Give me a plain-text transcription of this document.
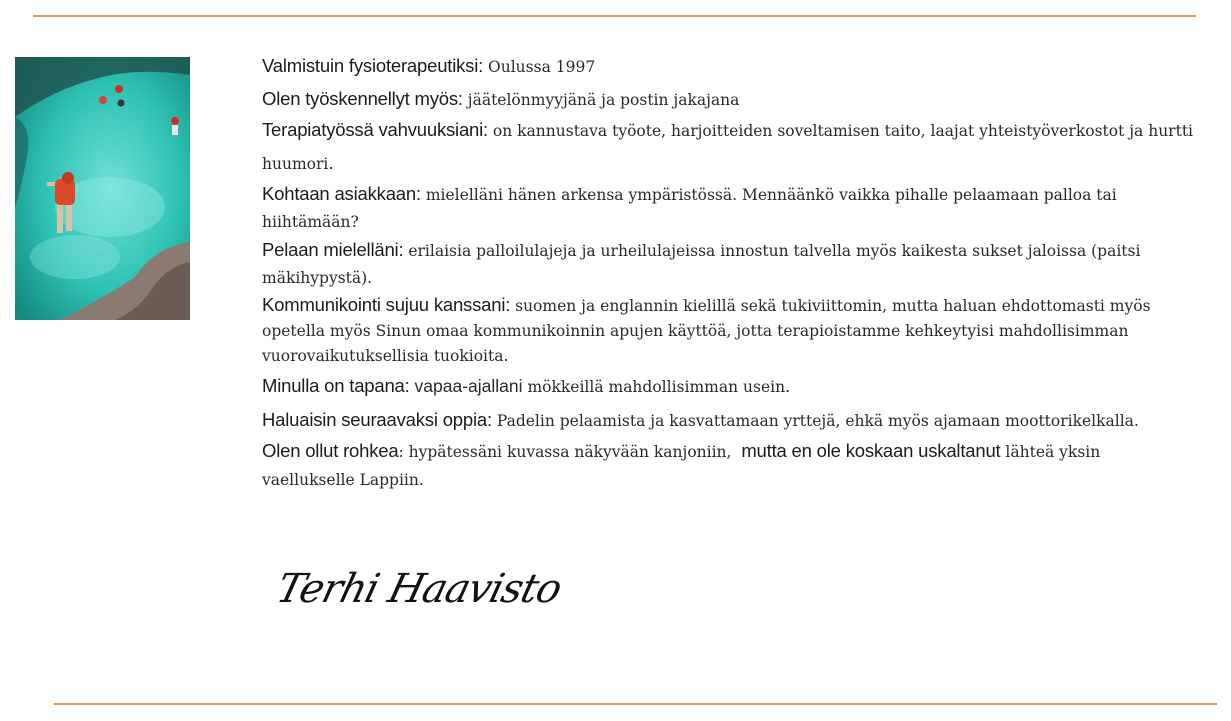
Valmistuin fysioterapeutiksi: Oulussa 1997

Olen työskennellyt myös: jäätelönmyyjänä ja postin jakajana

Terapiatyössä vahvuuksiani: on kannustava työote, harjoitteiden soveltamisen taito, laajat yhteistyöverkostot ja hurtti huumori.

Kohtaan asiakkaan: mielelläni hänen arkensa ympäristössä. Mennäänkö vaikka pihalle pelaamaan palloa tai hiihtämään?

Pelaan mielelläni: erilaisia palloilulajeja ja urheilulajeissa innostun talvella myös kaikesta sukset jaloissa (paitsi mäkihypystä).

Kommunikointi sujuu kanssani: suomen ja englannin kielillä sekä tukiviittomin, mutta haluan ehdottomasti myös opetella myös Sinun omaa kommunikoinnin apujen käyttöä, jotta terapioistamme kehkeytyisi mahdollisimman vuorovaikutuksellisia tuokioita.

Minulla on tapana: vapaa-ajallani mökkeillä mahdollisimman usein.

Haluaisin seuraavaksi oppia: Padelin pelaamista ja kasvattamaan yrttejä, ehkä myös ajamaan moottorikelkalla.

Olen ollut rohkea: hypätessäni kuvassa näkyvään kanjoniin, mutta en ole koskaan uskaltanut lähteä yksin vaellukselle Lappiin.

Terhi Haavisto
